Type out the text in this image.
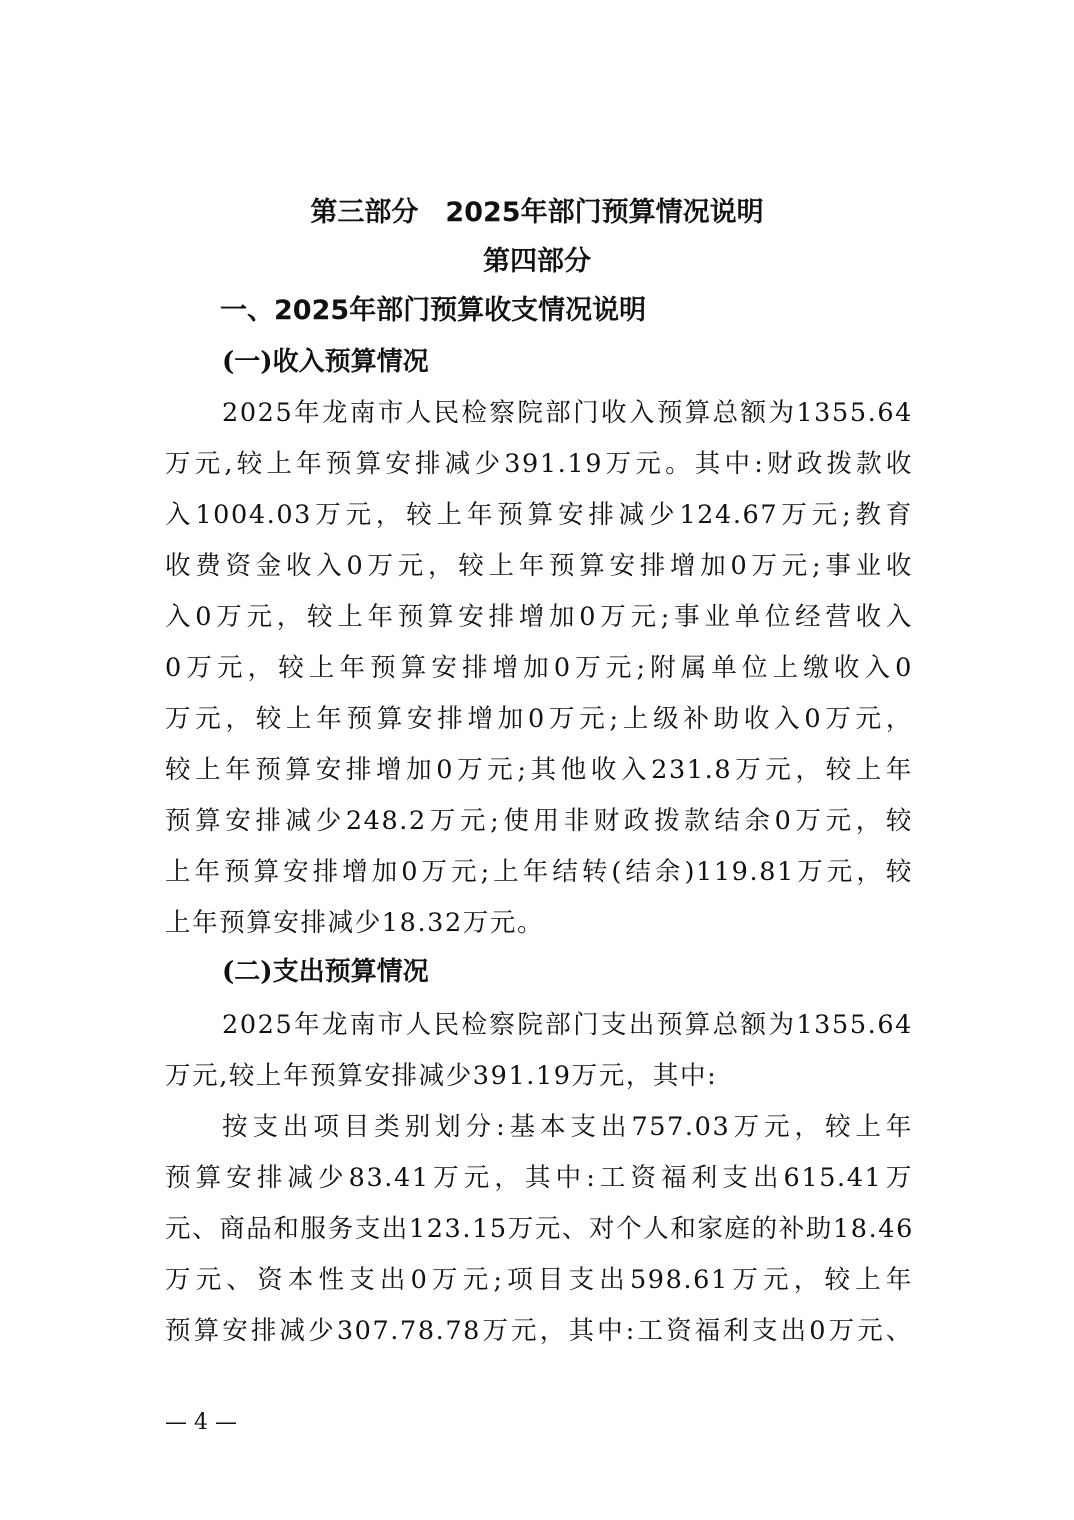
第三部分　2025年部门预算情况说明
第四部分
一、2025年部门预算收支情况说明
(一)收入预算情况
2025年龙南市人民检察院部门收入预算总额为1355.64
万元,较上年预算安排减少391.19万元。其中:财政拨款收
入1004.03万元，较上年预算安排减少124.67万元;教育
收费资金收入0万元，较上年预算安排增加0万元;事业收
入0万元，较上年预算安排增加0万元;事业单位经营收入
0万元，较上年预算安排增加0万元;附属单位上缴收入0
万元，较上年预算安排增加0万元;上级补助收入0万元，
较上年预算安排增加0万元;其他收入231.8万元，较上年
预算安排减少248.2万元;使用非财政拨款结余0万元，较
上年预算安排增加0万元;上年结转(结余)119.81万元，较
上年预算安排减少18.32万元。
(二)支出预算情况
2025年龙南市人民检察院部门支出预算总额为1355.64
万元,较上年预算安排减少391.19万元，其中:
按支出项目类别划分:基本支出757.03万元，较上年
预算安排减少83.41万元，其中:工资福利支出615.41万
元、商品和服务支出123.15万元、对个人和家庭的补助18.46
万元、资本性支出0万元;项目支出598.61万元，较上年
预算安排减少307.78.78万元，其中:工资福利支出0万元、
— 4 —
